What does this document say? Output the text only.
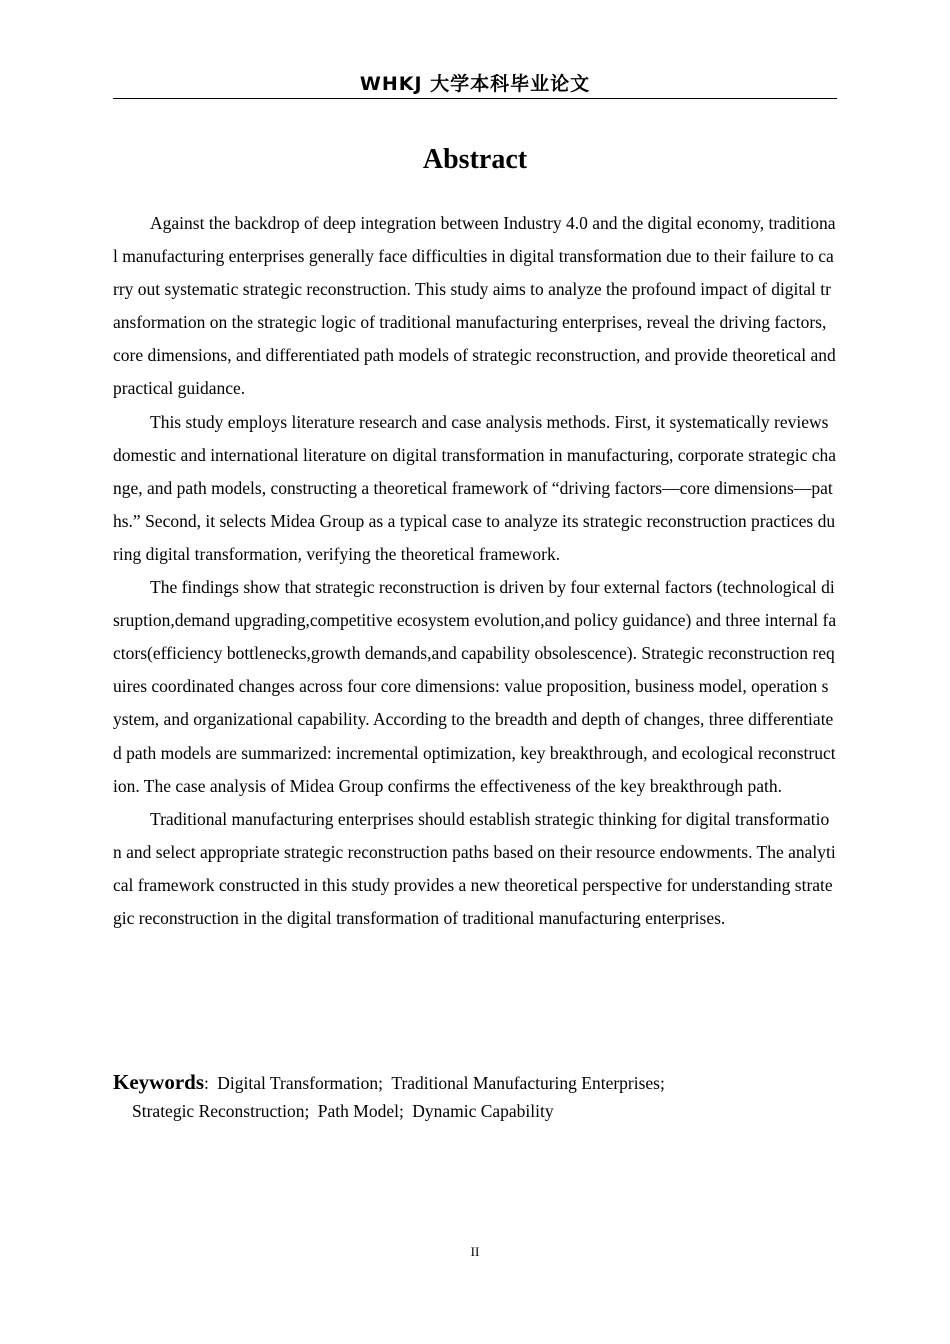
WHKJ 大学本科毕业论文
Abstract

Against the backdrop of deep integration between Industry 4.0 and the digital economy, traditional manufacturing enterprises generally face difficulties in digital transformation due to their failure to carry out systematic strategic reconstruction. This study aims to analyze the profound impact of digital transformation on the strategic logic of traditional manufacturing enterprises, reveal the driving factors, core dimensions, and differentiated path models of strategic reconstruction, and provide theoretical and practical guidance.

This study employs literature research and case analysis methods. First, it systematically reviews domestic and international literature on digital transformation in manufacturing, corporate strategic change, and path models, constructing a theoretical framework of “driving factors—core dimensions—paths.” Second, it selects Midea Group as a typical case to analyze its strategic reconstruction practices during digital transformation, verifying the theoretical framework.

The findings show that strategic reconstruction is driven by four external factors (technological disruption,demand upgrading,competitive ecosystem evolution,and policy guidance) and three internal factors(efficiency bottlenecks,growth demands,and capability obsolescence). Strategic reconstruction requires coordinated changes across four core dimensions: value proposition, business model, operation system, and organizational capability. According to the breadth and depth of changes, three differentiated path models are summarized: incremental optimization, key breakthrough, and ecological reconstruction. The case analysis of Midea Group confirms the effectiveness of the key breakthrough path.

Traditional manufacturing enterprises should establish strategic thinking for digital transformation and select appropriate strategic reconstruction paths based on their resource endowments. The analytical framework constructed in this study provides a new theoretical perspective for understanding strategic reconstruction in the digital transformation of traditional manufacturing enterprises.

Keywords: Digital Transformation; Traditional Manufacturing Enterprises;
Strategic Reconstruction; Path Model; Dynamic Capability
II
